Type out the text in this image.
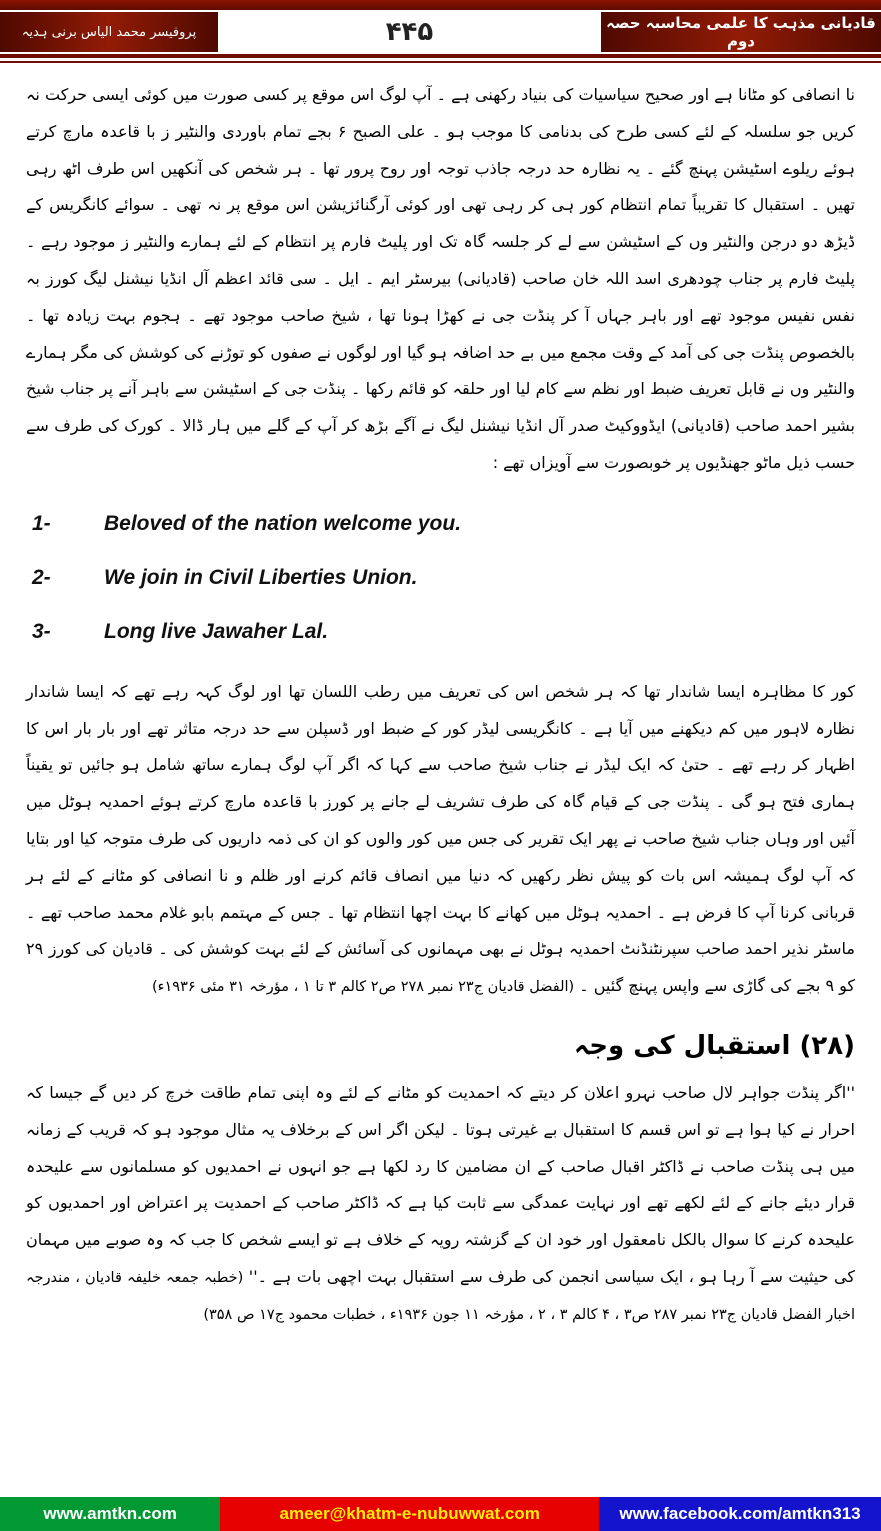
پروفیسر محمد الیاس برنی ہدیہ	۴۴۵	قادیانی مذہب کا علمی محاسبہ حصہ دوم

نا انصافی کو مٹانا ہے اور صحیح سیاسیات کی بنیاد رکھنی ہے ۔ آپ لوگ اس موقع پر کسی صورت میں کوئی ایسی حرکت نہ کریں جو سلسلہ کے لئے کسی طرح کی بدنامی کا موجب ہو ۔ علی الصبح ۶ بجے تمام باوردی والنٹیر ز با قاعدہ مارچ کرتے ہوئے ریلوے اسٹیشن پہنچ گئے ۔ یہ نظارہ حد درجہ جاذب توجہ اور روح پرور تھا ۔ ہر شخص کی آنکھیں اس طرف اٹھ رہی تھیں ۔ استقبال کا تقریباً تمام انتظام کور ہی کر رہی تھی اور کوئی آرگنائزیشن اس موقع پر نہ تھی ۔ سوائے کانگریس کے ڈیڑھ دو درجن والنٹیر وں کے اسٹیشن سے لے کر جلسہ گاہ تک اور پلیٹ فارم پر انتظام کے لئے ہمارے والنٹیر ز موجود رہے ۔ پلیٹ فارم پر جناب چودھری اسد اللہ خان صاحب (قادیانی) بیرسٹر ایم ۔ ایل ۔ سی قائد اعظم آل انڈیا نیشنل لیگ کورز بہ نفس نفیس موجود تھے اور باہر جہاں آ کر پنڈت جی نے کھڑا ہونا تھا ، شیخ صاحب موجود تھے ۔ ہجوم بہت زیادہ تھا ۔ بالخصوص پنڈت جی کی آمد کے وقت مجمع میں بے حد اضافہ ہو گیا اور لوگوں نے صفوں کو توڑنے کی کوشش کی مگر ہمارے والنٹیر وں نے قابل تعریف ضبط اور نظم سے کام لیا اور حلقہ کو قائم رکھا ۔ پنڈت جی کے اسٹیشن سے باہر آنے پر جناب شیخ بشیر احمد صاحب (قادیانی) ایڈووکیٹ صدر آل انڈیا نیشنل لیگ نے آگے بڑھ کر آپ کے گلے میں ہار ڈالا ۔ کورک کی طرف سے حسب ذیل ماٹو جھنڈیوں پر خوبصورت سے آویزاں تھے :

1-	Beloved of the nation welcome you.
2-	We join in Civil Liberties Union.
3-	Long live Jawaher Lal.

کور کا مظاہرہ ایسا شاندار تھا کہ ہر شخص اس کی تعریف میں رطب اللسان تھا اور لوگ کہہ رہے تھے کہ ایسا شاندار نظارہ لاہور میں کم دیکھنے میں آیا ہے ۔ کانگریسی لیڈر کور کے ضبط اور ڈسپلن سے حد درجہ متاثر تھے اور بار بار اس کا اظہار کر رہے تھے ۔ حتیٰ کہ ایک لیڈر نے جناب شیخ صاحب سے کہا کہ اگر آپ لوگ ہمارے ساتھ شامل ہو جائیں تو یقیناً ہماری فتح ہو گی ۔ پنڈت جی کے قیام گاہ کی طرف تشریف لے جانے پر کورز با قاعدہ مارچ کرتے ہوئے احمدیہ ہوٹل میں آئیں اور وہاں جناب شیخ صاحب نے پھر ایک تقریر کی جس میں کور والوں کو ان کی ذمہ داریوں کی طرف متوجہ کیا اور بتایا کہ آپ لوگ ہمیشہ اس بات کو پیش نظر رکھیں کہ دنیا میں انصاف قائم کرنے اور ظلم و نا انصافی کو مٹانے کے لئے ہر قربانی کرنا آپ کا فرض ہے ۔ احمدیہ ہوٹل میں کھانے کا بہت اچھا انتظام تھا ۔ جس کے مہتمم بابو غلام محمد صاحب تھے ۔ ماسٹر نذیر احمد صاحب سپرنٹنڈنٹ احمدیہ ہوٹل نے بھی مہمانوں کی آسائش کے لئے بہت کوشش کی ۔ قادیان کی کورز ۲۹ کو ۹ بجے کی گاڑی سے واپس پہنچ گئیں ۔ (الفضل قادیان ج۲۳ نمبر ۲۷۸ ص۲ کالم ۳ تا ۱ ، مؤرخہ ۳۱ مئی ۱۹۳۶ء)

(۲۸) استقبال کی وجہ

''اگر پنڈت جواہر لال صاحب نہرو اعلان کر دیتے کہ احمدیت کو مٹانے کے لئے وہ اپنی تمام طاقت خرچ کر دیں گے جیسا کہ احرار نے کیا ہوا ہے تو اس قسم کا استقبال بے غیرتی ہوتا ۔ لیکن اگر اس کے برخلاف یہ مثال موجود ہو کہ قریب کے زمانہ میں ہی پنڈت صاحب نے ڈاکٹر اقبال صاحب کے ان مضامین کا رد لکھا ہے جو انہوں نے احمدیوں کو مسلمانوں سے علیحدہ قرار دیئے جانے کے لئے لکھے تھے اور نہایت عمدگی سے ثابت کیا ہے کہ ڈاکٹر صاحب کے احمدیت پر اعتراض اور احمدیوں کو علیحدہ کرنے کا سوال بالکل نامعقول اور خود ان کے گزشتہ رویہ کے خلاف ہے تو ایسے شخص کا جب کہ وہ صوبے میں مہمان کی حیثیت سے آ رہا ہو ، ایک سیاسی انجمن کی طرف سے استقبال بہت اچھی بات ہے ۔'' (خطبہ جمعہ خلیفہ قادیان ، مندرجہ اخبار الفضل قادیان ج۲۳ نمبر ۲۸۷ ص۳ ، ۴ کالم ۳ ، ۲ ، مؤرخہ ۱۱ جون ۱۹۳۶ء ، خطبات محمود ج۱۷ ص ۳۵۸)

www.amtkn.com	ameer@khatm-e-nubuwwat.com	www.facebook.com/amtkn313
